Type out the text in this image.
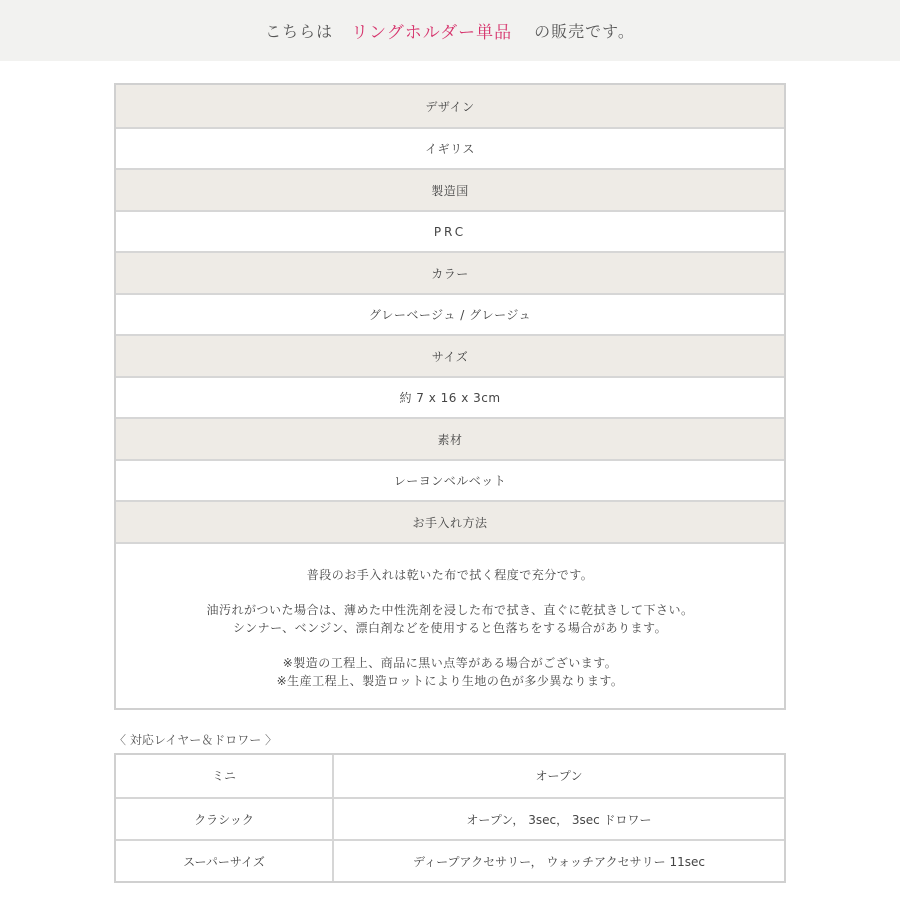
こちらは リングホルダー単品 の販売です。
デザイン
イギリス
製造国
PRC
カラー
グレーベージュ / グレージュ
サイズ
約 7 x 16 x 3cm
素材
レーヨンベルベット
お手入れ方法

普段のお手入れは乾いた布で拭く程度で充分です。

油汚れがついた場合は、薄めた中性洗剤を浸した布で拭き、直ぐに乾拭きして下さい。

シンナー、ベンジン、漂白剤などを使用すると色落ちをする場合があります。

※製造の工程上、商品に黒い点等がある場合がございます。

※生産工程上、製造ロットにより生地の色が多少異なります。

〈 対応レイヤー＆ドロワー 〉
ミニ	オープン
クラシック	オープン， 3sec， 3sec ドロワー
スーパーサイズ	ディープアクセサリー， ウォッチアクセサリー 11sec
